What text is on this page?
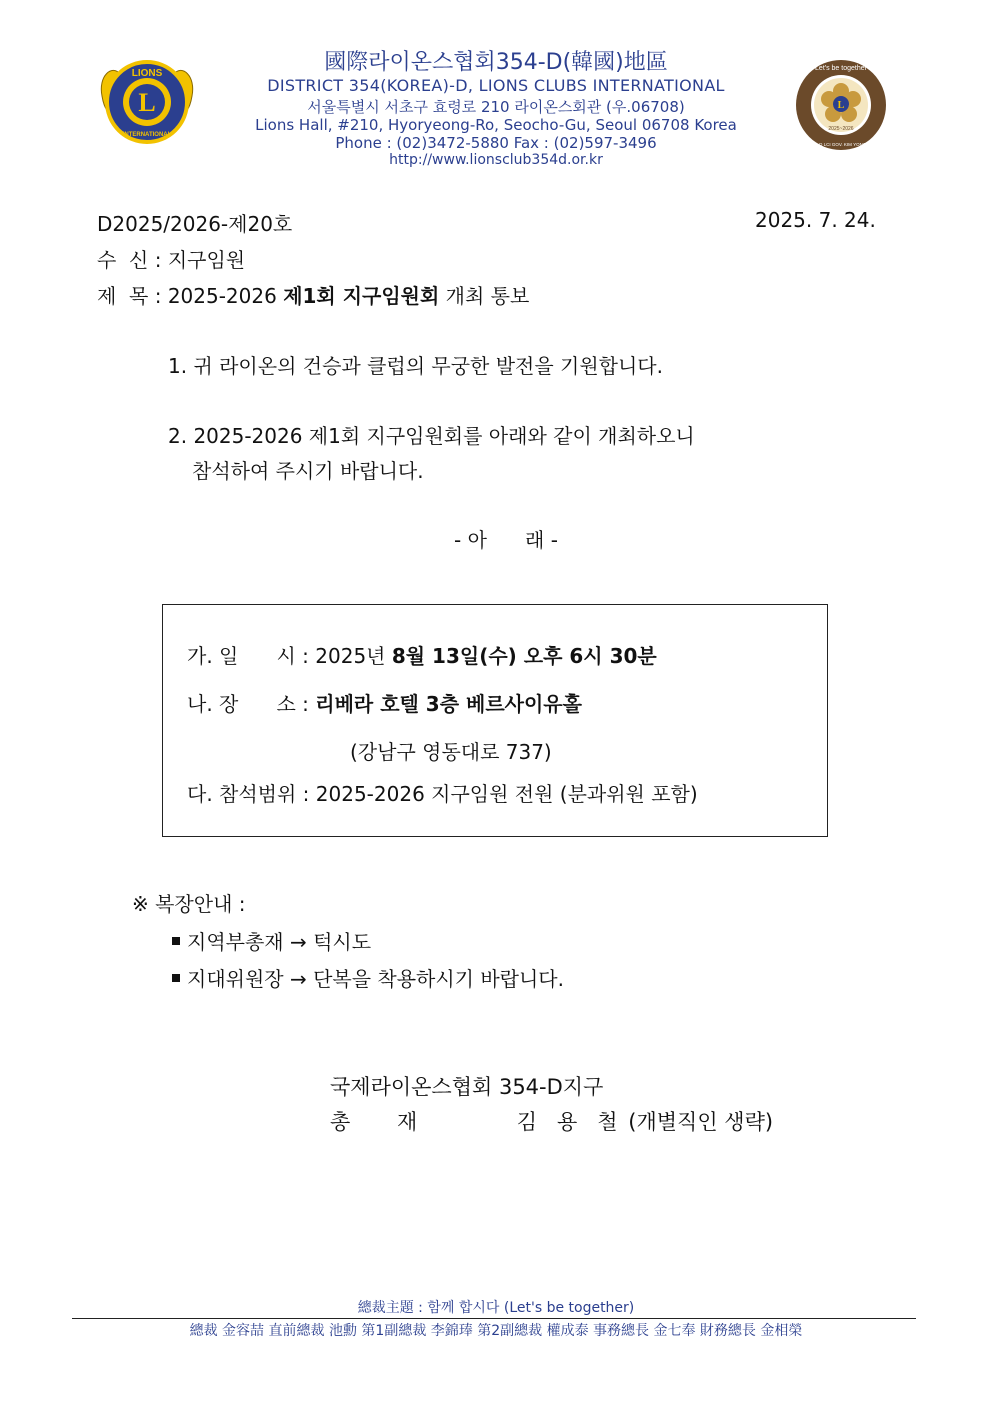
L
LIONS
INTERNATIONAL
國際라이온스협회354-D(韓國)地區
DISTRICT 354(KOREA)-D, LIONS CLUBS INTERNATIONAL
서울특별시 서초구 효령로 210 라이온스회관 (우.06708)
Lions Hall, #210, Hyoryeong-Ro, Seocho-Gu, Seoul 06708 Korea
Phone : (02)3472-5880 Fax : (02)597-3496
http://www.lionsclub354d.or.kr
L
Let's be together
2025~2026
DIST 354-D LCI GOV. KIM YONG-CHEOL
D2025/2026-제20호	2025. 7. 24.
수  신 : 지구임원
제  목 : 2025-2026 제1회 지구임원회 개최 통보
1. 귀 라이온의 건승과 클럽의 무궁한 발전을 기원합니다.
2. 2025-2026 제1회 지구임원회를 아래와 같이 개최하오니
참석하여 주시기 바랍니다.
- 아      래 -
가. 일      시 : 2025년 8월 13일(수) 오후 6시 30분
나. 장      소 : 리베라 호텔 3층 베르사이유홀
(강남구 영동대로 737)
다. 참석범위 : 2025-2026 지구임원 전원 (분과위원 포함)
※ 복장안내 :
지역부총재 → 턱시도
지대위원장 → 단복을 착용하시기 바랍니다.
국제라이온스협회 354-D지구
총       재	김   용   철 (개별직인 생략)
總裁主題 : 함께 합시다 (Let's be together)
總裁 金容喆 直前總裁 池勳 第1副總裁 李錦琫 第2副總裁 權成泰 事務總長 金七奉 財務總長 金相榮
